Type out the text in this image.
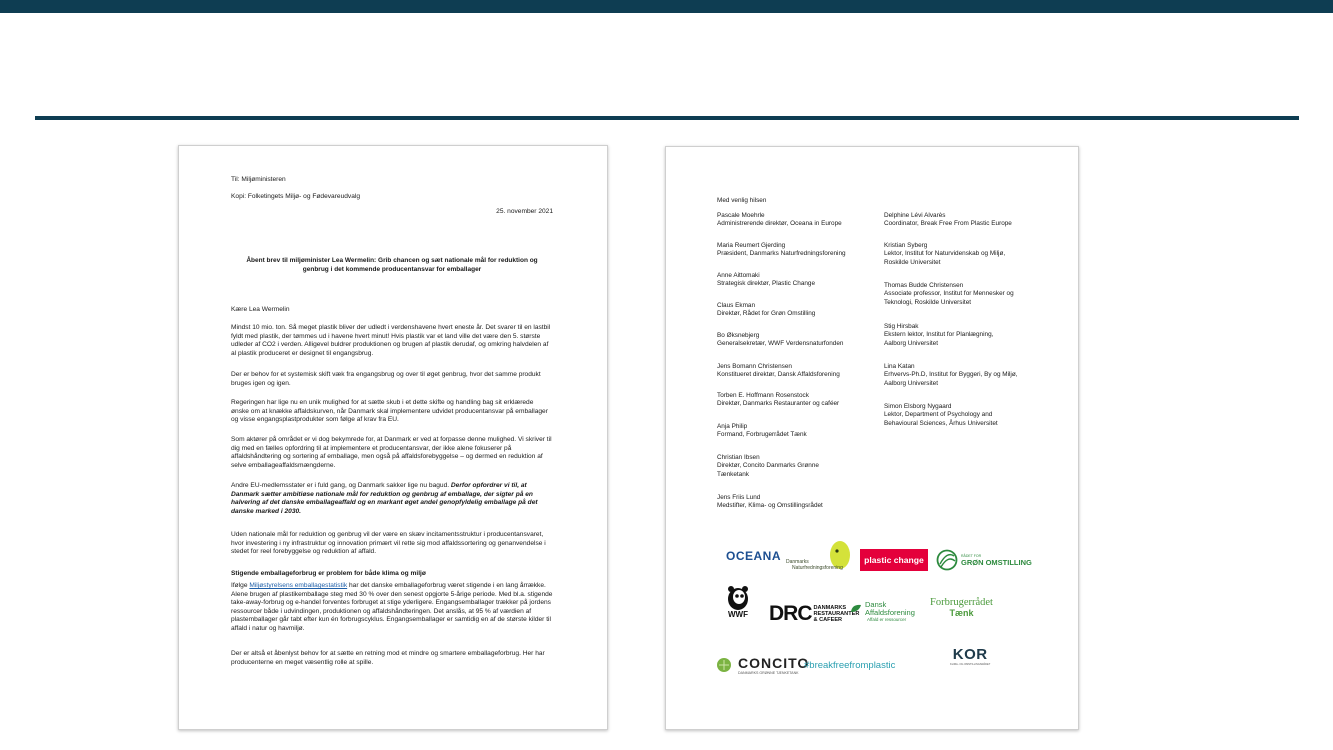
Til: Miljøministeren
Kopi: Folketingets Miljø- og Fødevareudvalg
25. november 2021
Åbent brev til miljøminister Lea Wermelin: Grib chancen og sæt nationale mål for reduktion og
genbrug i det kommende producentansvar for emballager
Kære Lea Wermelin
Mindst 10 mio. ton. Så meget plastik bliver der udledt i verdenshavene hvert eneste år. Det svarer til en lastbil fyldt med plastik, der tømmes ud i havene hvert minut! Hvis plastik var et land ville det være den 5. største udleder af CO2 i verden. Alligevel buldrer produktionen og brugen af plastik derudaf, og omkring halvdelen af al plastik produceret er designet til engangsbrug.
Der er behov for et systemisk skift væk fra engangsbrug og over til øget genbrug, hvor det samme produkt bruges igen og igen.
Regeringen har lige nu en unik mulighed for at sætte skub i et dette skifte og handling bag sit erklærede ønske om at knække affaldskurven, når Danmark skal implementere udvidet producentansvar på emballager og visse engangsplastprodukter som følge af krav fra EU.
Som aktører på området er vi dog bekymrede for, at Danmark er ved at forpasse denne mulighed. Vi skriver til dig med en fælles opfordring til at implementere et producentansvar, der ikke alene fokuserer på affaldshåndtering og sortering af emballage, men også på affaldsforebyggelse – og dermed en reduktion af selve emballageaffaldsmængderne.
Andre EU-medlemsstater er i fuld gang, og Danmark sakker lige nu bagud. Derfor opfordrer vi til, at Danmark sætter ambitiøse nationale mål for reduktion og genbrug af emballage, der sigter på en halvering af det danske emballageaffald og en markant øget andel genopfyldelig emballage på det danske marked i 2030.
Uden nationale mål for reduktion og genbrug vil der være en skæv incitamentsstruktur i producentansvaret, hvor investering i ny infrastruktur og innovation primært vil rette sig mod affaldssortering og genanvendelse i stedet for reel forebyggelse og reduktion af affald.
Stigende emballageforbrug er problem for både klima og miljø
Ifølge Miljøstyrelsens emballagestatistik har det danske emballageforbrug været stigende i en lang årrække. Alene brugen af plastikemballage steg med 30 % over den senest opgjorte 5-årige periode. Med bl.a. stigende take-away-forbrug og e-handel forventes forbruget at stige yderligere. Engangsemballager trækker på jordens ressourcer både i udvindingen, produktionen og affaldshåndteringen. Det anslås, at 95 % af værdien af plastemballager går tabt efter kun én forbrugscyklus. Engangsemballager er samtidig en af de største kilder til affald i natur og havmiljø.
Der er altså et åbenlyst behov for at sætte en retning mod et mindre og smartere emballageforbrug. Her har producenterne en meget væsentlig rolle at spille.
Med venlig hilsen
Pascale Moehrle
Administrerende direktør, Oceana in Europe
Maria Reumert Gjerding
Præsident, Danmarks Naturfredningsforening
Anne Aittomaki
Strategisk direktør, Plastic Change
Claus Ekman
Direktør, Rådet for Grøn Omstilling
Bo Øksnebjerg
Generalsekretær, WWF Verdensnaturfonden
Jens Bomann Christensen
Konstitueret direktør, Dansk Affaldsforening
Torben E. Hoffmann Rosenstock
Direktør, Danmarks Restauranter og caféer
Anja Philip
Formand, Forbrugerrådet Tænk
Christian Ibsen
Direktør, Concito Danmarks Grønne Tænketank
Jens Friis Lund
Medstifter, Klima- og Omstillingsrådet
Delphine Lévi Alvarès
Coordinator, Break Free From Plastic Europe
Kristian Syberg
Lektor, Institut for Naturvidenskab og Miljø, Roskilde Universitet
Thomas Budde Christensen
Associate professor, Institut for Mennesker og Teknologi, Roskilde Universitet
Stig Hirsbak
Ekstern lektor, Institut for Planlægning, Aalborg Universitet
Lina Katan
Erhvervs-Ph.D, Institut for Byggeri, By og Miljø, Aalborg Universitet
Simon Elsborg Nygaard
Lektor, Department of Psychology and Behavioural Sciences, Århus Universitet
OCEANA Danmarks
Naturfredningsforening
plastic change	RÅDET FOR
GRØN OMSTILLING
WWF DRC DANMARKS
RESTAURANTER
& CAFEER
Dansk
Affaldsforening
Affald er ressourcer
Forbrugerrådet
Tænk
CONCITO
DANMARKS GRØNNE TÆNKETANK
#breakfreefromplastic
KOR
KLIMA- OG OMSTILLINGSRÅDET
